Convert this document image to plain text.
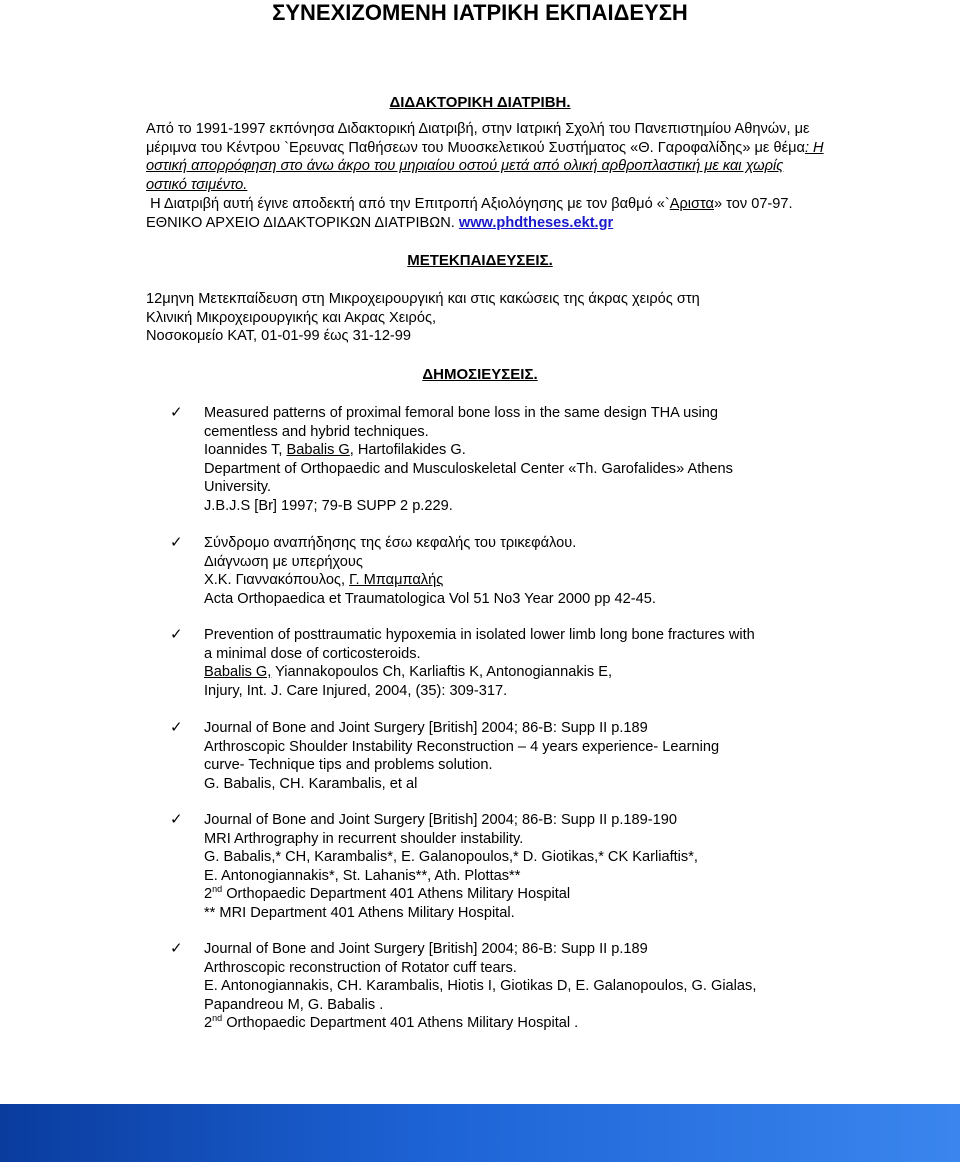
ΣΥΝΕΧΙΖΟΜΕΝΗ ΙΑΤΡΙΚΗ ΕΚΠΑΙΔΕΥΣΗ
ΔΙΔΑΚΤΟΡΙΚΗ ΔΙΑΤΡΙΒΗ.
Από το 1991-1997 εκπόνησα Διδακτορική Διατριβή, στην Ιατρική Σχολή του Πανεπιστημίου Αθηνών, με μέριμνα του Κέντρου `Ερευνας Παθήσεων του Μυοσκελετικού Συστήματος «Θ. Γαροφαλίδης» με θέμα: Η οστική απορρόφηση στο άνω άκρο του μηριαίου οστού μετά από ολική αρθροπλαστική με και χωρίς οστικό τσιμέντο.
Η Διατριβή αυτή έγινε αποδεκτή από την Επιτροπή Αξιολόγησης με τον βαθμό «`Αριστα» τον 07-97. ΕΘΝΙΚΟ ΑΡΧΕΙΟ ΔΙΔΑΚΤΟΡΙΚΩΝ ΔΙΑΤΡΙΒΩΝ. www.phdtheses.ekt.gr
ΜΕΤΕΚΠΑΙΔΕΥΣΕΙΣ.
12μηνη Μετεκπαίδευση στη Μικροχειρουργική και στις κακώσεις της άκρας χειρός στη
Κλινική Μικροχειρουργικής και Ακρας Χειρός,
Νοσοκομείο ΚΑΤ, 01-01-99 έως 31-12-99
ΔΗΜΟΣΙΕΥΣΕΙΣ.
✓	Measured patterns of proximal femoral bone loss in the same design THA using
cementless and hybrid techniques.
Ioannides T, Babalis G, Hartofilakides G.
Department of Orthopaedic and Musculoskeletal Center «Th. Garofalides» Athens
University.
J.B.J.S [Br] 1997; 79-B SUPP 2 p.229.
✓	Σύνδρομο αναπήδησης της έσω κεφαλής του τρικεφάλου.
Διάγνωση με υπερήχους
Χ.Κ. Γιαννακόπουλος, Γ. Μπαμπαλής
Acta Orthopaedica et Traumatologica Vol 51 No3 Year 2000 pp 42-45.
✓	Prevention of posttraumatic hypoxemia in isolated lower limb long bone fractures with
a minimal dose of corticosteroids.
Babalis G, Yiannakopoulos Ch, Karliaftis K, Antonogiannakis E,
Injury, Int. J. Care Injured, 2004, (35): 309-317.
✓	Journal of Bone and Joint Surgery [British] 2004; 86-B: Supp II p.189
Arthroscopic Shoulder Instability Reconstruction – 4 years experience- Learning
curve- Technique tips and problems solution.
G. Babalis, CH. Karambalis, et al
✓	Journal of Bone and Joint Surgery [British] 2004; 86-B: Supp II p.189-190
MRI Arthrography in recurrent shoulder instability.
G. Babalis,* CH, Karambalis*, E. Galanopoulos,* D. Giotikas,* CK Karliaftis*,
E. Antonogiannakis*, St. Lahanis**, Ath. Plottas**
2nd Orthopaedic Department 401 Athens Military Hospital
** MRI Department 401 Athens Military Hospital.
✓	Journal of Bone and Joint Surgery [British] 2004; 86-B: Supp II p.189
Arthroscopic reconstruction of Rotator cuff tears.
E. Antonogiannakis, CH. Karambalis, Hiotis I, Giotikas D, E. Galanopoulos, G. Gialas,
Papandreou M, G. Babalis .
2nd Orthopaedic Department 401 Athens Military Hospital .
